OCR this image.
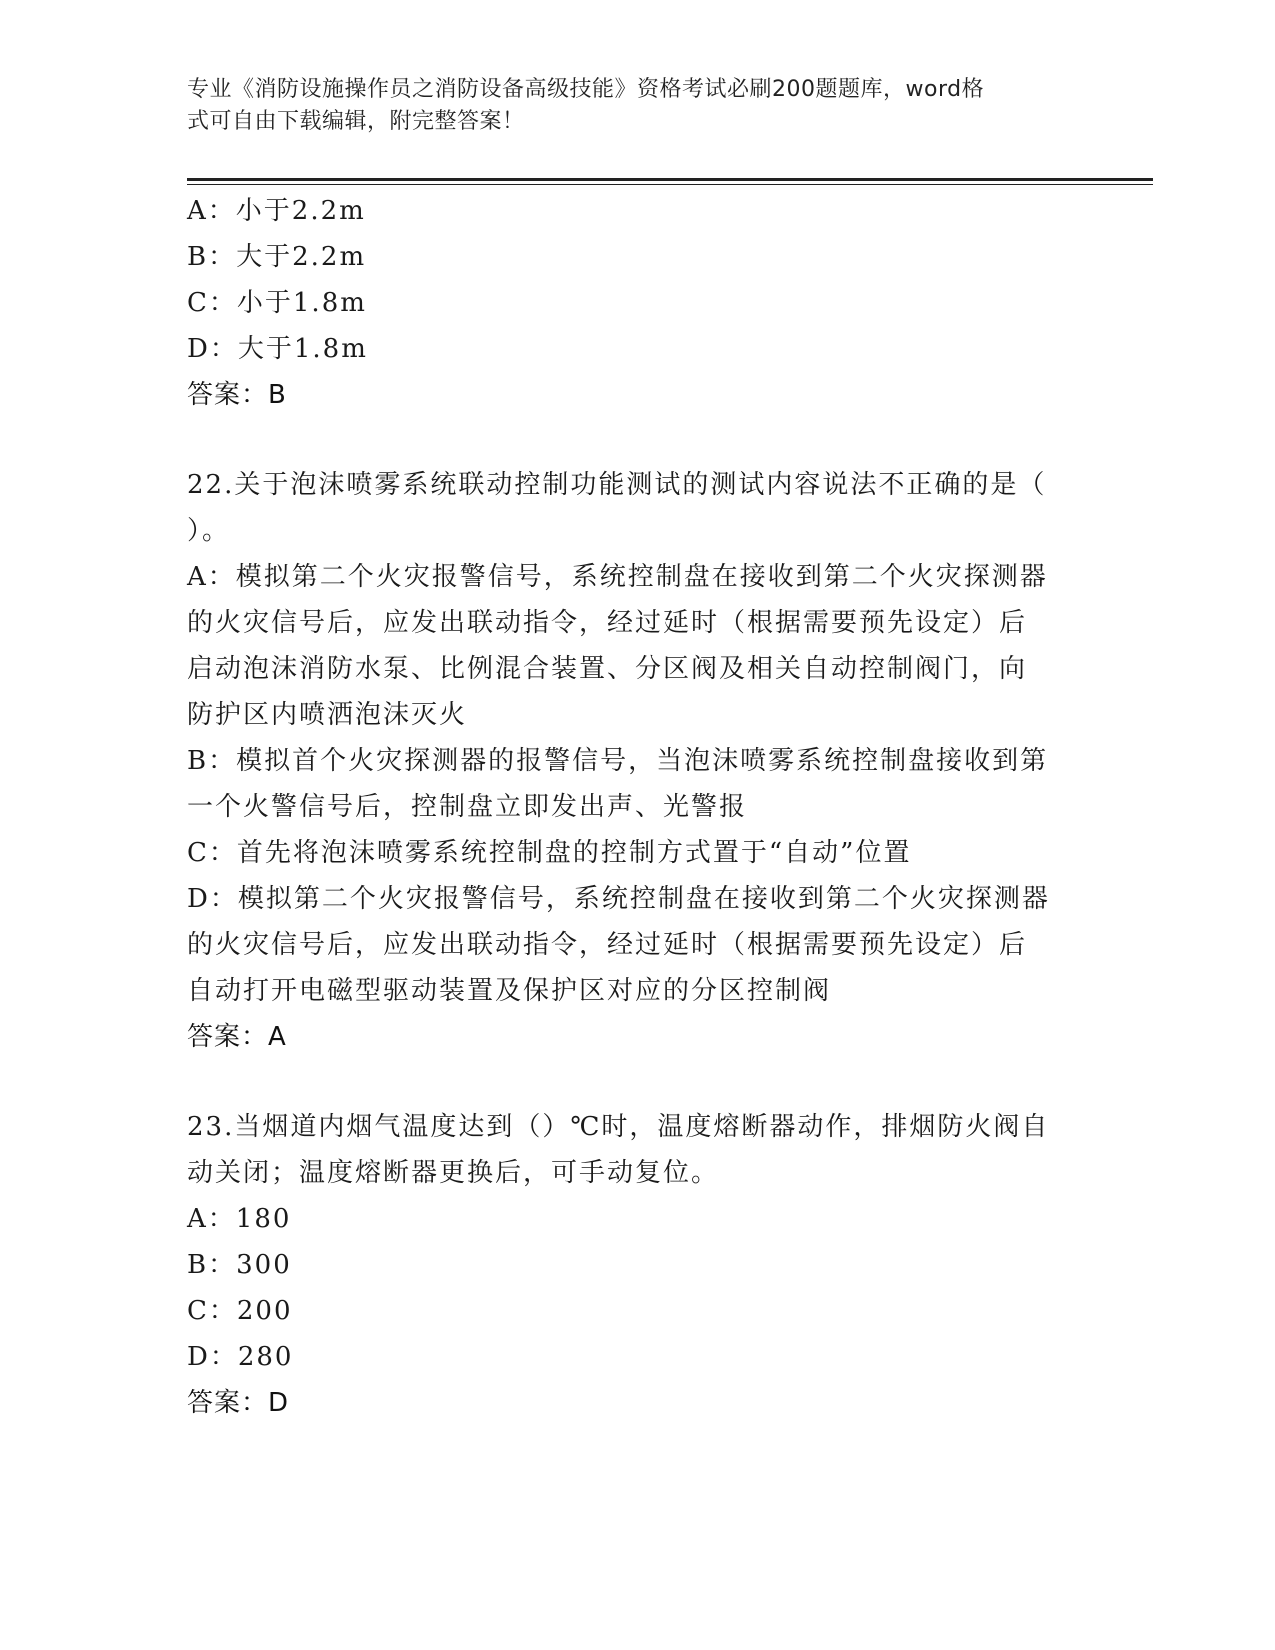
专业《消防设施操作员之消防设备高级技能》资格考试必刷200题题库，word格
式可自由下载编辑，附完整答案！
A：小于2.2m
B：大于2.2m
C：小于1.8m
D：大于1.8m
答案：B
22.关于泡沫喷雾系统联动控制功能测试的测试内容说法不正确的是（
）。
A：模拟第二个火灾报警信号，系统控制盘在接收到第二个火灾探测器
的火灾信号后，应发出联动指令，经过延时（根据需要预先设定）后
启动泡沫消防水泵、比例混合装置、分区阀及相关自动控制阀门，向
防护区内喷洒泡沫灭火
B：模拟首个火灾探测器的报警信号，当泡沫喷雾系统控制盘接收到第
一个火警信号后，控制盘立即发出声、光警报
C：首先将泡沫喷雾系统控制盘的控制方式置于“自动”位置
D：模拟第二个火灾报警信号，系统控制盘在接收到第二个火灾探测器
的火灾信号后，应发出联动指令，经过延时（根据需要预先设定）后
自动打开电磁型驱动装置及保护区对应的分区控制阀
答案：A
23.当烟道内烟气温度达到（）℃时，温度熔断器动作，排烟防火阀自
动关闭；温度熔断器更换后，可手动复位。
A：180
B：300
C：200
D：280
答案：D
